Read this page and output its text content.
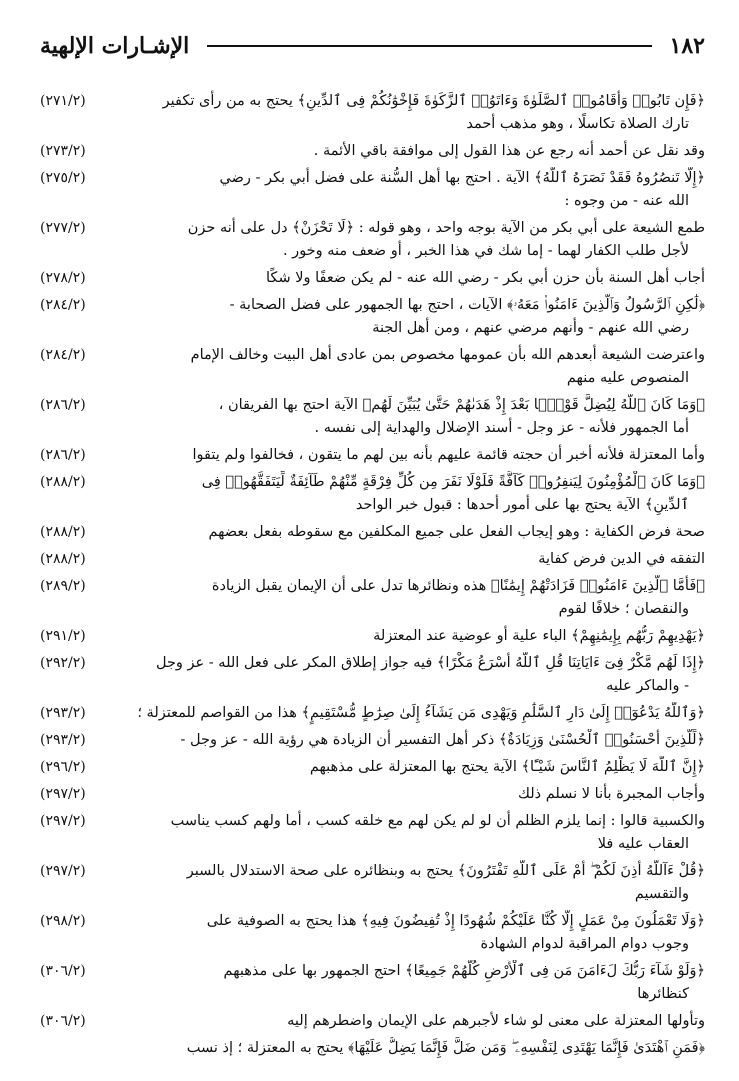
١٨٢
الإشـارات الإلهية
﴿فَإِن تَابُوا۟ وَأَقَامُوا۟ ٱلصَّلَوٰةَ وَءَاتَوُا۟ ٱلزَّكَوٰةَ فَإِخْوَٰنُكُمْ فِى ٱلدِّينِ﴾ يحتج به من رأى تكفير
تارك الصلاة تكاسلًا ، وهو مذهب أحمد
(٢٧١/٢)
وقد نقل عن أحمد أنه رجع عن هذا القول إلى موافقة باقي الأئمة .
(٢٧٣/٢)
﴿إِلَّا تَنصُرُوهُ فَقَدْ نَصَرَهُ ٱللَّهُ﴾ الآية . احتج بها أهل السُّنة على فضل أبي بكر - رضي
الله عنه - من وجوه :
(٢٧٥/٢)
طمع الشيعة على أبي بكر من الآية بوجه واحد ، وهو قوله : ﴿لَا تَحْزَنْ﴾ دل على أنه حزن
لأجل طلب الكفار لهما - إما شك في هذا الخبر ، أو ضعف منه وخور .
(٢٧٧/٢)
أجاب أهل السنة بأن حزن أبي بكر - رضي الله عنه - لم يكن ضعفًا ولا شكًا
(٢٧٨/٢)
﴿لَٰكِنِ ٱلرَّسُولُ وَٱلَّذِينَ ءَامَنُوا۟ مَعَهُۥ﴾ الآيات ، احتج بها الجمهور على فضل الصحابة -
رضي الله عنهم - وأنهم مرضي عنهم ، ومن أهل الجنة
(٢٨٤/٢)
واعترضت الشيعة أبعدهم الله بأن عمومها مخصوص بمن عادى أهل البيت وخالف الإمام
المنصوص عليه منهم
(٢٨٤/٢)
﴿وَمَا كَانَ ٱللَّهُ لِيُضِلَّ قَوْمًۢا بَعْدَ إِذْ هَدَىٰهُمْ حَتَّىٰ يُبَيِّنَ لَهُم﴾ الآية احتج بها الفريقان ،
أما الجمهور فلأنه - عز وجل - أسند الإضلال والهداية إلى نفسه .
(٢٨٦/٢)
وأما المعتزلة فلأنه أخبر أن حجته قائمة عليهم بأنه بين لهم ما يتقون ، فخالفوا ولم يتقوا
(٢٨٦/٢)
﴿وَمَا كَانَ ٱلْمُؤْمِنُونَ لِيَنفِرُوا۟ كَآفَّةً فَلَوْلَا نَفَرَ مِن كُلِّ فِرْقَةٍ مِّنْهُمْ طَآئِفَةٌ لِّيَتَفَقَّهُوا۟ فِى
ٱلدِّينِ﴾ الآية يحتج بها على أمور أحدها : قبول خبر الواحد
(٢٨٨/٢)
صحة فرض الكفاية : وهو إيجاب الفعل على جميع المكلفين مع سقوطه بفعل بعضهم
(٢٨٨/٢)
التفقه في الدين فرض كفاية
(٢٨٨/٢)
﴿فَأَمَّا ٱلَّذِينَ ءَامَنُوا۟ فَزَادَتْهُمْ إِيمَٰنًا﴾ هذه ونظائرها تدل على أن الإيمان يقبل الزيادة
والنقصان ؛ خلافًا لقوم
(٢٨٩/٢)
﴿يَهْدِيهِمْ رَبُّهُم بِإِيمَٰنِهِمْ﴾ الباء علية أو عوضية عند المعتزلة
(٢٩١/٢)
﴿إِذَا لَهُم مَّكْرٌ فِىٓ ءَايَاتِنَا قُلِ ٱللَّهُ أَسْرَعُ مَكْرًا﴾ فيه جواز إطلاق المكر على فعل الله - عز وجل
- والماكر عليه
(٢٩٢/٢)
﴿وَٱللَّهُ يَدْعُوٓا۟ إِلَىٰ دَارِ ٱلسَّلَٰمِ وَيَهْدِى مَن يَشَآءُ إِلَىٰ صِرَٰطٍ مُّسْتَقِيمٍ﴾ هذا من القواصم للمعتزلة ؛
(٢٩٣/٢)
﴿لِّلَّذِينَ أَحْسَنُوا۟ ٱلْحُسْنَىٰ وَزِيَادَةٌ﴾ ذكر أهل التفسير أن الزيادة هي رؤية الله - عز وجل -
(٢٩٣/٢)
﴿إِنَّ ٱللَّهَ لَا يَظْلِمُ ٱلنَّاسَ شَيْـًٔا﴾ الآية يحتج بها المعتزلة على مذهبهم
(٢٩٦/٢)
وأجاب المجبرة بأنا لا نسلم ذلك
(٢٩٧/٢)
والكسبية قالوا : إنما يلزم الظلم أن لو لم يكن لهم مع خلقه كسب ، أما ولهم كسب يناسب
العقاب عليه فلا
(٢٩٧/٢)
﴿قُلْ ءَآللَّهُ أَذِنَ لَكُمْ ۖ أَمْ عَلَى ٱللَّهِ تَفْتَرُونَ﴾ يحتج به وبنظائره على صحة الاستدلال بالسبر
والتقسيم
(٢٩٧/٢)
﴿وَلَا تَعْمَلُونَ مِنْ عَمَلٍ إِلَّا كُنَّا عَلَيْكُمْ شُهُودًا إِذْ تُفِيضُونَ فِيهِ﴾ هذا يحتج به الصوفية على
وجوب دوام المراقبة لدوام الشهادة
(٢٩٨/٢)
﴿وَلَوْ شَآءَ رَبُّكَ لَءَامَنَ مَن فِى ٱلْأَرْضِ كُلُّهُمْ جَمِيعًا﴾ احتج الجمهور بها على مذهبهم
كنظائرها
(٣٠٦/٢)
وتأولها المعتزلة على معنى لو شاء لأجبرهم على الإيمان واضطرهم إليه
(٣٠٦/٢)
﴿فَمَنِ ٱهْتَدَىٰ فَإِنَّمَا يَهْتَدِى لِنَفْسِهِۦ ۖ وَمَن ضَلَّ فَإِنَّمَا يَضِلُّ عَلَيْهَا﴾ يحتج به المعتزلة ؛ إذ نسب
